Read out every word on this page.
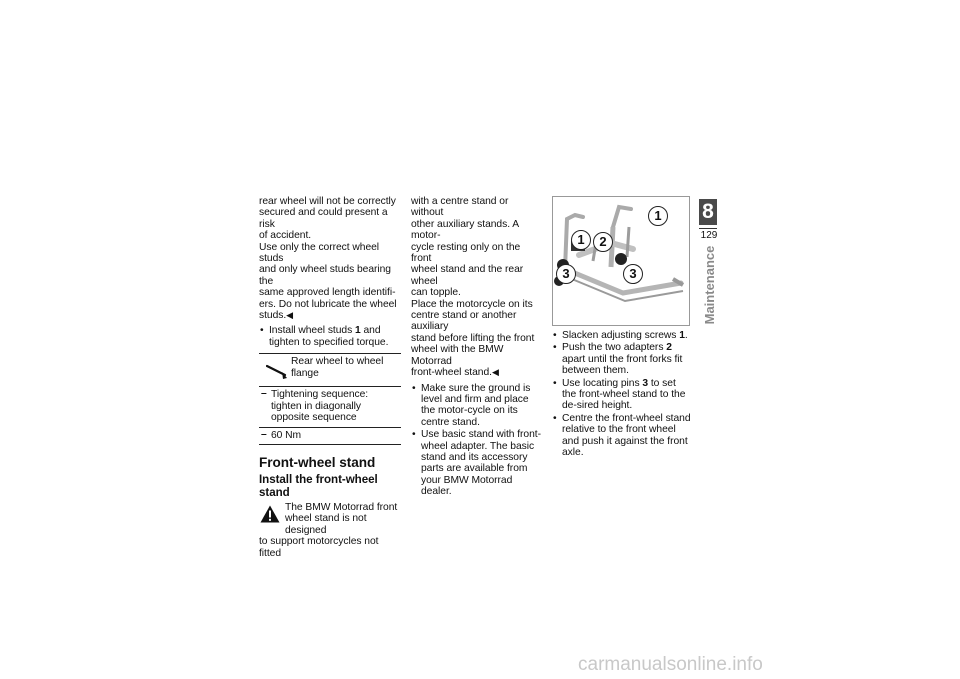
rear wheel will not be correctly
secured and could present a risk
of accident.

Use only the correct wheel studs
and only wheel studs bearing the
same approved length identifi-
ers. Do not lubricate the wheel
studs.◀

• Install wheel studs 1 and tighten to specified torque.
Rear wheel to wheel
flange
– Tightening sequence:
tighten in diagonally
opposite sequence
– 60 Nm
Front-wheel stand
Install the front-wheel stand
The BMW Motorrad front
wheel stand is not designed

to support motorcycles not fitted

with a centre stand or without
other auxiliary stands. A motor-
cycle resting only on the front
wheel stand and the rear wheel
can topple.
Place the motorcycle on its
centre stand or another auxiliary
stand before lifting the front
wheel with the BMW Motorrad
front-wheel stand.◀

• Make sure the ground is level and firm and place the motor-cycle on its centre stand.
• Use basic stand with front-wheel adapter. The basic stand and its accessory parts are available from your BMW Motorrad dealer.
1
1	2
3	3
• Slacken adjusting screws 1.
• Push the two adapters 2 apart until the front forks fit between them.
• Use locating pins 3 to set the front-wheel stand to the de-sired height.
• Centre the front-wheel stand relative to the front wheel and push it against the front axle.
8
129
Maintenance
carmanualsonline.info
